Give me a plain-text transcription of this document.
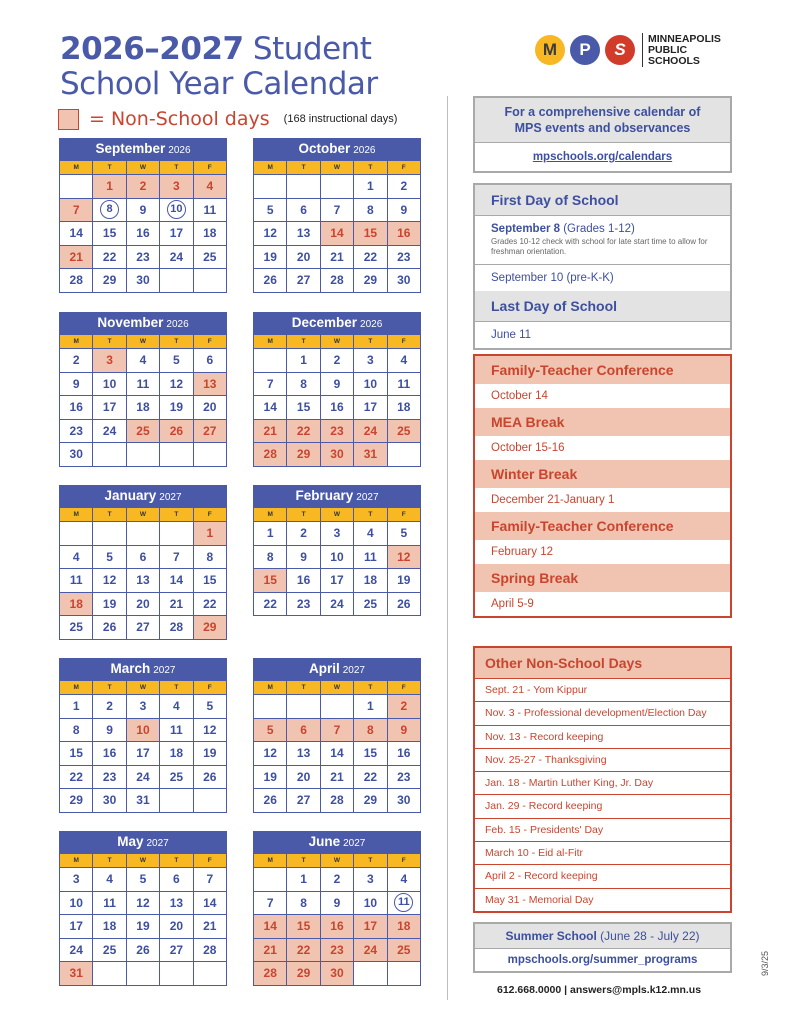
2026–2027 Student
School Year Calendar
= Non-School days (168 instructional days)
M	P	S
MINNEAPOLIS
PUBLIC
SCHOOLS
September 2026
M	T	W	T	F
	1	2	3	4
7	8	9	10	11
14	15	16	17	18
21	22	23	24	25
28	29	30		
October 2026
M	T	W	T	F
			1	2
5	6	7	8	9
12	13	14	15	16
19	20	21	22	23
26	27	28	29	30
November 2026
M	T	W	T	F
2	3	4	5	6
9	10	11	12	13
16	17	18	19	20
23	24	25	26	27
30				
December 2026
M	T	W	T	F
	1	2	3	4
7	8	9	10	11
14	15	16	17	18
21	22	23	24	25
28	29	30	31	
January 2027
M	T	W	T	F
				1
4	5	6	7	8
11	12	13	14	15
18	19	20	21	22
25	26	27	28	29
February 2027
M	T	W	T	F
1	2	3	4	5
8	9	10	11	12
15	16	17	18	19
22	23	24	25	26
March 2027
M	T	W	T	F
1	2	3	4	5
8	9	10	11	12
15	16	17	18	19
22	23	24	25	26
29	30	31		
April 2027
M	T	W	T	F
			1	2
5	6	7	8	9
12	13	14	15	16
19	20	21	22	23
26	27	28	29	30
May 2027
M	T	W	T	F
3	4	5	6	7
10	11	12	13	14
17	18	19	20	21
24	25	26	27	28
31				
June 2027
M	T	W	T	F
	1	2	3	4
7	8	9	10	11
14	15	16	17	18
21	22	23	24	25
28	29	30		
For a comprehensive calendar of MPS events and observances
mpschools.org/calendars
First Day of School
September 8 (Grades 1-12)
Grades 10-12 check with school for late start time to allow for freshman orientation.
September 10 (pre-K-K)
Last Day of School
June 11
Family-Teacher Conference
October 14
MEA Break
October 15-16
Winter Break
December 21-January 1
Family-Teacher Conference
February 12
Spring Break
April 5-9
Other Non-School Days
Sept. 21 - Yom Kippur
Nov. 3 - Professional development/Election Day
Nov. 13 - Record keeping
Nov. 25-27 - Thanksgiving
Jan. 18 - Martin Luther King, Jr. Day
Jan. 29 - Record keeping
Feb. 15 - Presidents' Day
March 10 - Eid al-Fitr
April 2 - Record keeping
May 31 - Memorial Day
Summer School (June 28 - July 22)
mpschools.org/summer_programs
612.668.0000 | answers@mpls.k12.mn.us
9/3/25
